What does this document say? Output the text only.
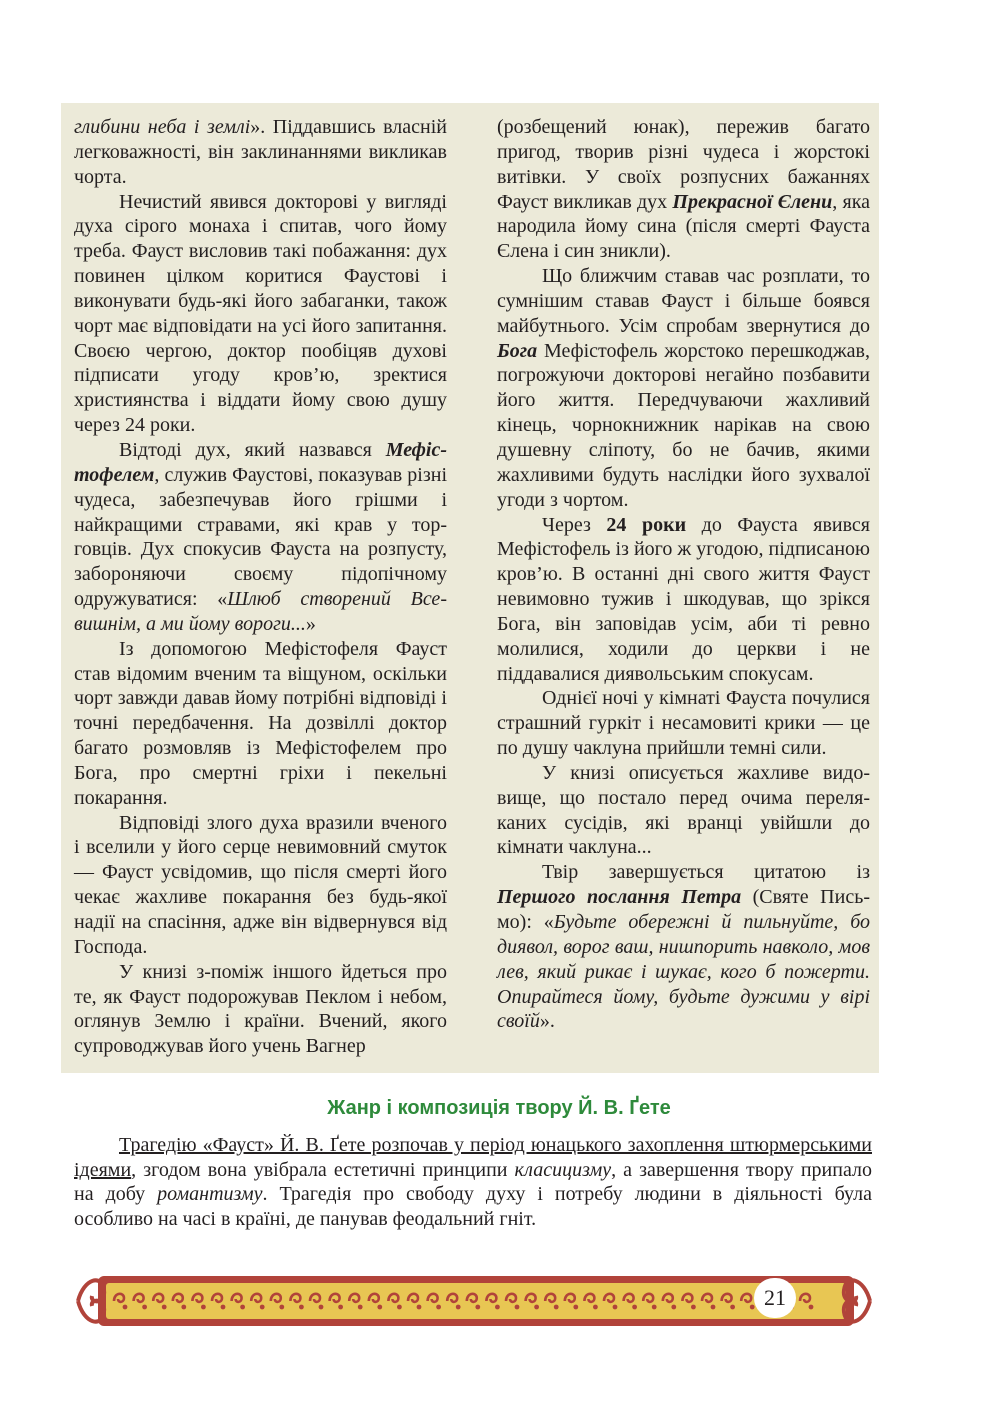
глибини неба і землі». Піддавшись власній легковажності, він заклинаннями викликав чорта.

Нечистий явився докторові у вигляді духа сірого монаха і спитав, чого йому треба. Фауст висловив такі побажання: дух повинен цілком коритися Фаустові і виконувати будь-які його забаганки, також чорт має відповідати на усі його запитання. Своєю чергою, доктор пообіцяв духові підписати угоду кров’ю, зректися християнства і віддати йому свою душу через 24 роки.

Відтоді дух, який назвався Мефістофелем, служив Фаустові, показував різні чудеса, забезпечував його грішми і найкращими стравами, які крав у торговців. Дух спокусив Фауста на розпусту, забороняючи своєму підопічному одружуватися: «Шлюб створений Всевишнім, а ми йому вороги...»

Із допомогою Мефістофеля Фауст став відомим вченим та віщуном, оскільки чорт завжди давав йому потрібні відповіді і точні передбачення. На дозвіллі доктор багато розмовляв із Мефістофелем про Бога, про смертні гріхи і пекельні покарання.

Відповіді злого духа вразили вченого і вселили у його серце невимовний смуток — Фауст усвідомив, що після смерті його чекає жахливе покарання без будь-якої надії на спасіння, адже він відвернувся від Господа.

У книзі з-поміж іншого йдеться про те, як Фауст подорожував Пеклом і небом, оглянув Землю і країни. Вчений, якого супроводжував його учень Вагнер

(розбещений юнак), пережив багато пригод, творив різні чудеса і жорстокі витівки. У своїх розпусних бажаннях Фауст викликав дух Прекрасної Єлени, яка народила йому сина (після смерті Фауста Єлена і син зникли).

Що ближчим ставав час розплати, то сумнішим ставав Фауст і більше боявся майбутнього. Усім спробам звернутися до Бога Мефістофель жорстоко перешкоджав, погрожуючи докторові негайно позбавити його життя. Передчуваючи жахливий кінець, чорнокнижник нарікав на свою душевну сліпоту, бо не бачив, якими жахливими будуть наслідки його зухвалої угоди з чортом.

Через 24 роки до Фауста явився Мефістофель із його ж угодою, підписаною кров’ю. В останні дні свого життя Фауст невимовно тужив і шкодував, що зрікся Бога, він заповідав усім, аби ті ревно молилися, ходили до церкви і не піддавалися диявольським спокусам.

Однієї ночі у кімнаті Фауста почулися страшний гуркіт і несамовиті крики — це по душу чаклуна прийшли темні сили.

У книзі описується жахливе видовище, що постало перед очима переляканих сусідів, які вранці увійшли до кімнати чаклуна...

Твір завершується цитатою із Першого послання Петра (Святе Письмо): «Будьте обережні й пильнуйте, бо диявол, ворог ваш, нишпорить навколо, мов лев, який рикає і шукає, кого б пожерти. Опирайтеся йому, будьте дужими у вірі своїй».

Жанр і композиція твору Й. В. Ґете

Трагедію «Фауст» Й. В. Ґете розпочав у період юнацького захоплення штюрмерськими ідеями, згодом вона увібрала естетичні принципи класицизму, а завершення твору припало на добу романтизму. Трагедія про свободу духу і потребу людини в діяльності була особливо на часі в країні, де панував феодальний гніт.

21
